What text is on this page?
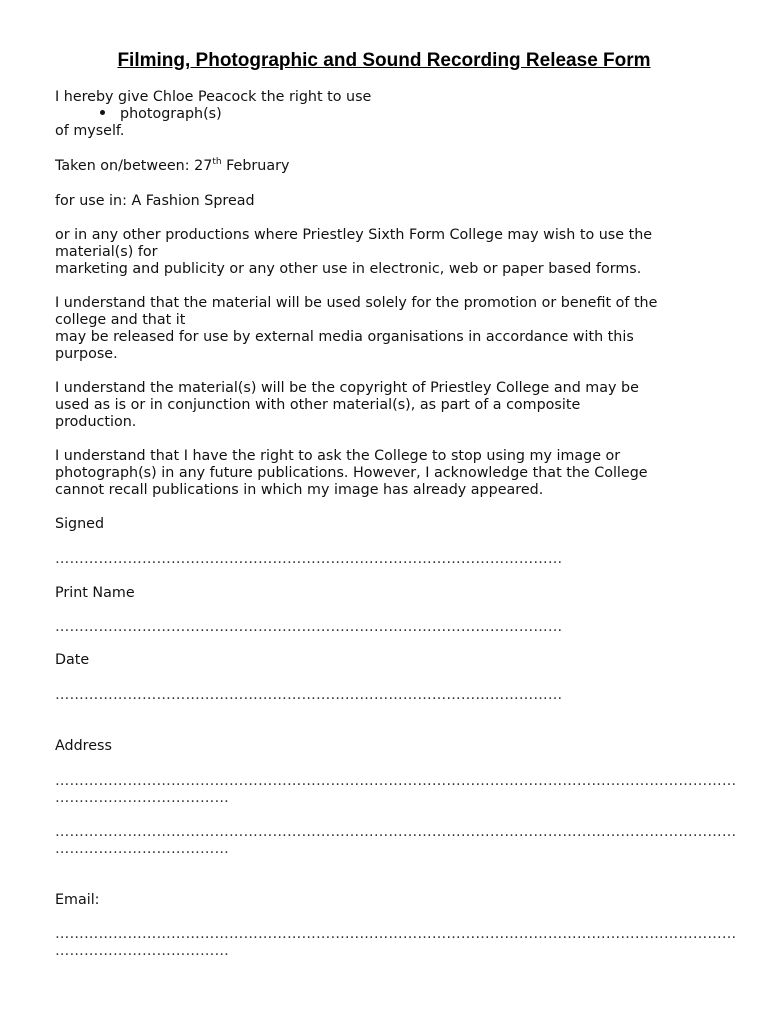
Filming, Photographic and Sound Recording Release Form
I hereby give Chloe Peacock the right to use
photograph(s)
of myself.
Taken on/between: 27th February
for use in: A Fashion Spread
or in any other productions where Priestley Sixth Form College may wish to use the
material(s) for
marketing and publicity or any other use in electronic, web or paper based forms.
I understand that the material will be used solely for the promotion or benefit of the
college and that it
may be released for use by external media organisations in accordance with this
purpose.
I understand the material(s) will be the copyright of Priestley College and may be
used as is or in conjunction with other material(s), as part of a composite
production.
I understand that I have the right to ask the College to stop using my image or
photograph(s) in any future publications. However, I acknowledge that the College
cannot recall publications in which my image has already appeared.
Signed
……………………………………………………………………………………………
Print Name
……………………………………………………………………………………………
Date
……………………………………………………………………………………………
Address
……………………………………………………………………………………………………………………………
………………………………
……………………………………………………………………………………………………………………………
………………………………
Email:
……………………………………………………………………………………………………………………………
………………………………
